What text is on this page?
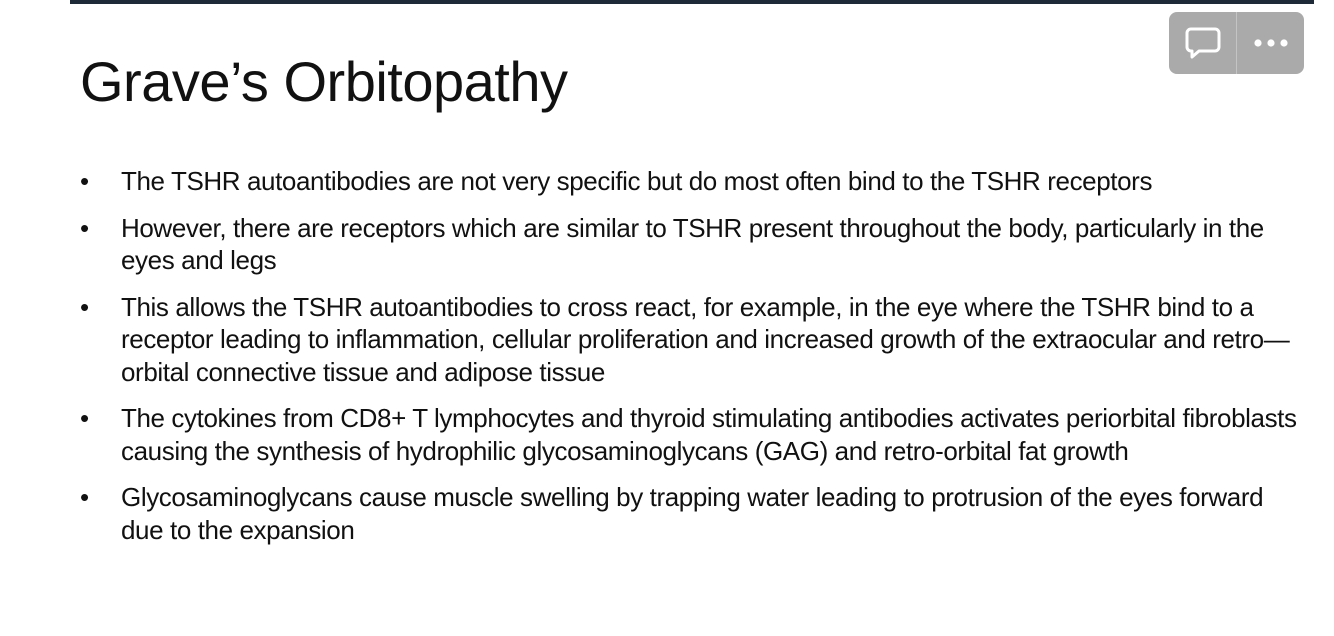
Grave’s Orbitopathy
•	The TSHR autoantibodies are not very specific but do most often bind to the TSHR receptors
•	However, there are receptors which are similar to TSHR present throughout the body, particularly in the eyes and legs
•	This allows the TSHR autoantibodies to cross react, for example, in the eye where the TSHR bind to a receptor leading to inflammation, cellular proliferation and increased growth of the extraocular and retro—orbital connective tissue and adipose tissue
•	The cytokines from CD8+ T lymphocytes and thyroid stimulating antibodies activates periorbital fibroblasts causing the synthesis of hydrophilic glycosaminoglycans (GAG) and retro-orbital fat growth
•	Glycosaminoglycans cause muscle swelling by trapping water leading to protrusion of the eyes forward due to the expansion
